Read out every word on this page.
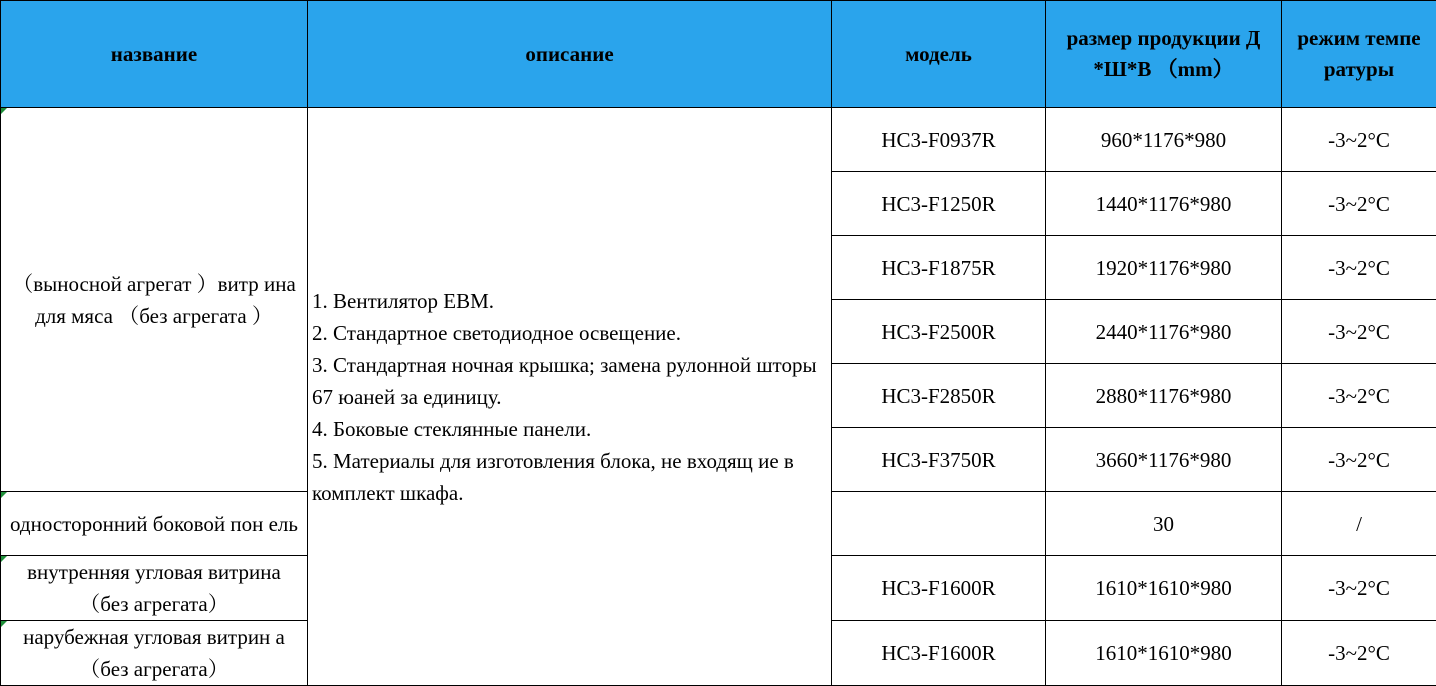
название	описание	модель	размер продукции Д *Ш*В （mm）	режим темпе ратуры

（выносной агрегат ）витр ина для мяса （без агрегата ）	1. Вентилятор EBM.
2. Стандартное светодиодное освещение.
3. Стандартная ночная крышка; замена рулонной шторы 67 юаней за единицу.
4. Боковые стеклянные панели.
5. Материалы для изготовления блока, не входящ ие в комплект шкафа.	HC3-F0937R	960*1176*980	-3~2°C
		HC3-F1250R	1440*1176*980	-3~2°C
		HC3-F1875R	1920*1176*980	-3~2°C
		HC3-F2500R	2440*1176*980	-3~2°C
		HC3-F2850R	2880*1176*980	-3~2°C
		HC3-F3750R	3660*1176*980	-3~2°C

односторонний боковой пон ель			30	/

внутренняя угловая витрина （без агрегата）		HC3-F1600R	1610*1610*980	-3~2°C

нарубежная угловая витрин а （без агрегата）		HC3-F1600R	1610*1610*980	-3~2°C
